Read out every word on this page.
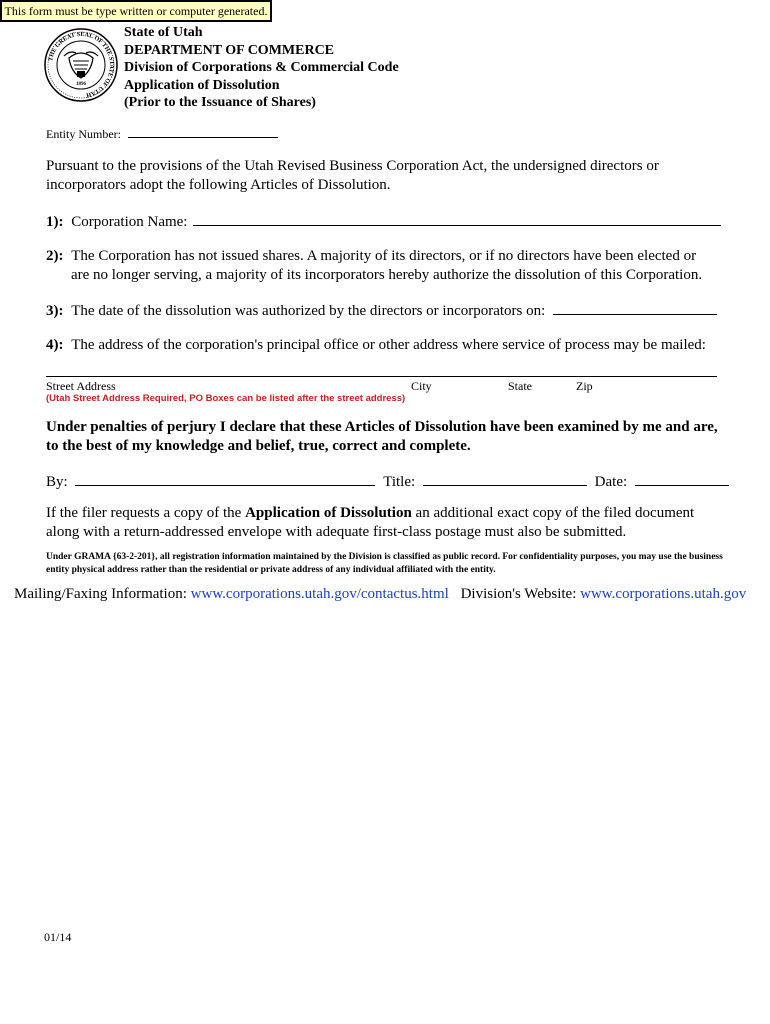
This form must be type written or computer generated.
THE GREAT SEAL OF THE STATE OF UTAH
1896
State of Utah
DEPARTMENT OF COMMERCE
Division of Corporations & Commercial Code
Application of Dissolution
(Prior to the Issuance of Shares)
Entity Number:
Pursuant to the provisions of the Utah Revised Business Corporation Act, the undersigned directors or incorporators adopt the following Articles of Dissolution.
1): Corporation Name:
2): The Corporation has not issued shares. A majority of its directors, or if no directors have been elected or
are no longer serving, a majority of its incorporators hereby authorize the dissolution of this Corporation.
3): The date of the dissolution was authorized by the directors or incorporators on:
4): The address of the corporation's principal office or other address where service of process may be mailed:
Street Address	City	State	Zip
(Utah Street Address Required, PO Boxes can be listed after the street address)
Under penalties of perjury I declare that these Articles of Dissolution have been examined by me and are,
to the best of my knowledge and belief, true, correct and complete.
By:	Title:	Date:
If the filer requests a copy of the Application of Dissolution an additional exact copy of the filed document
along with a return-addressed envelope with adequate first-class postage must also be submitted.
Under GRAMA {63-2-201}, all registration information maintained by the Division is classified as public record. For confidentiality purposes, you may use the business entity physical address rather than the residential or private address of any individual affiliated with the entity.
Mailing/Faxing Information: www.corporations.utah.gov/contactus.html Division's Website: www.corporations.utah.gov
01/14
